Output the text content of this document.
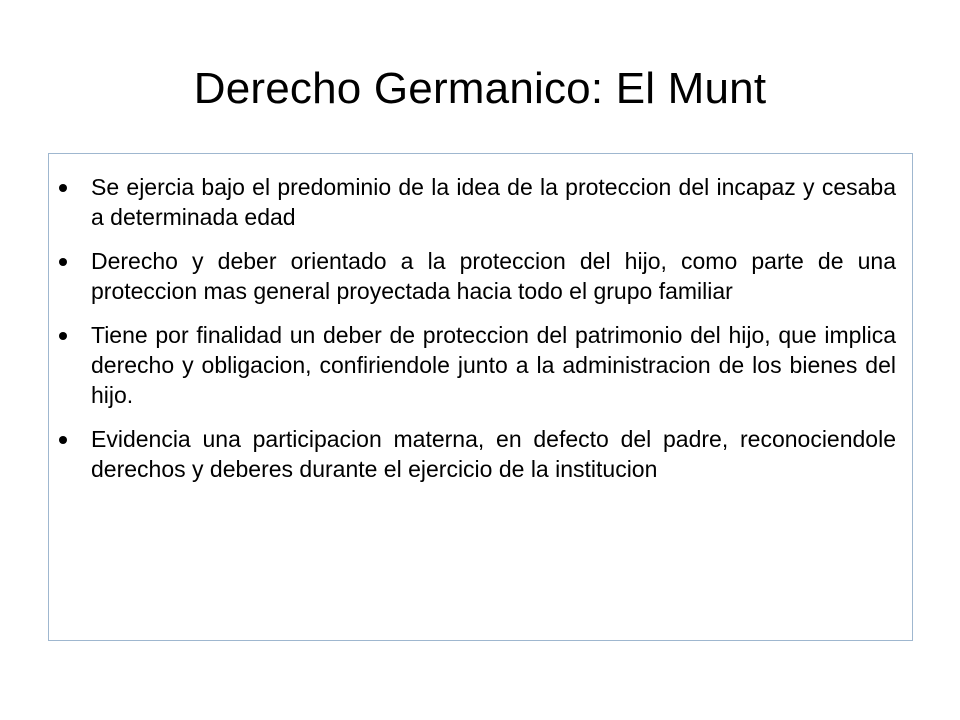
Derecho Germanico: El Munt
Se ejercia bajo el predominio de la idea de la proteccion del incapaz y cesaba a determinada edad
Derecho y deber orientado a la proteccion del hijo, como parte de una proteccion mas general proyectada hacia todo el grupo familiar
Tiene por finalidad un deber de proteccion del patrimonio del hijo, que implica derecho y obligacion, confiriendole junto a la administracion de los bienes del hijo.
Evidencia una participacion materna, en defecto del padre, reconociendole derechos y deberes durante el ejercicio de la institucion
